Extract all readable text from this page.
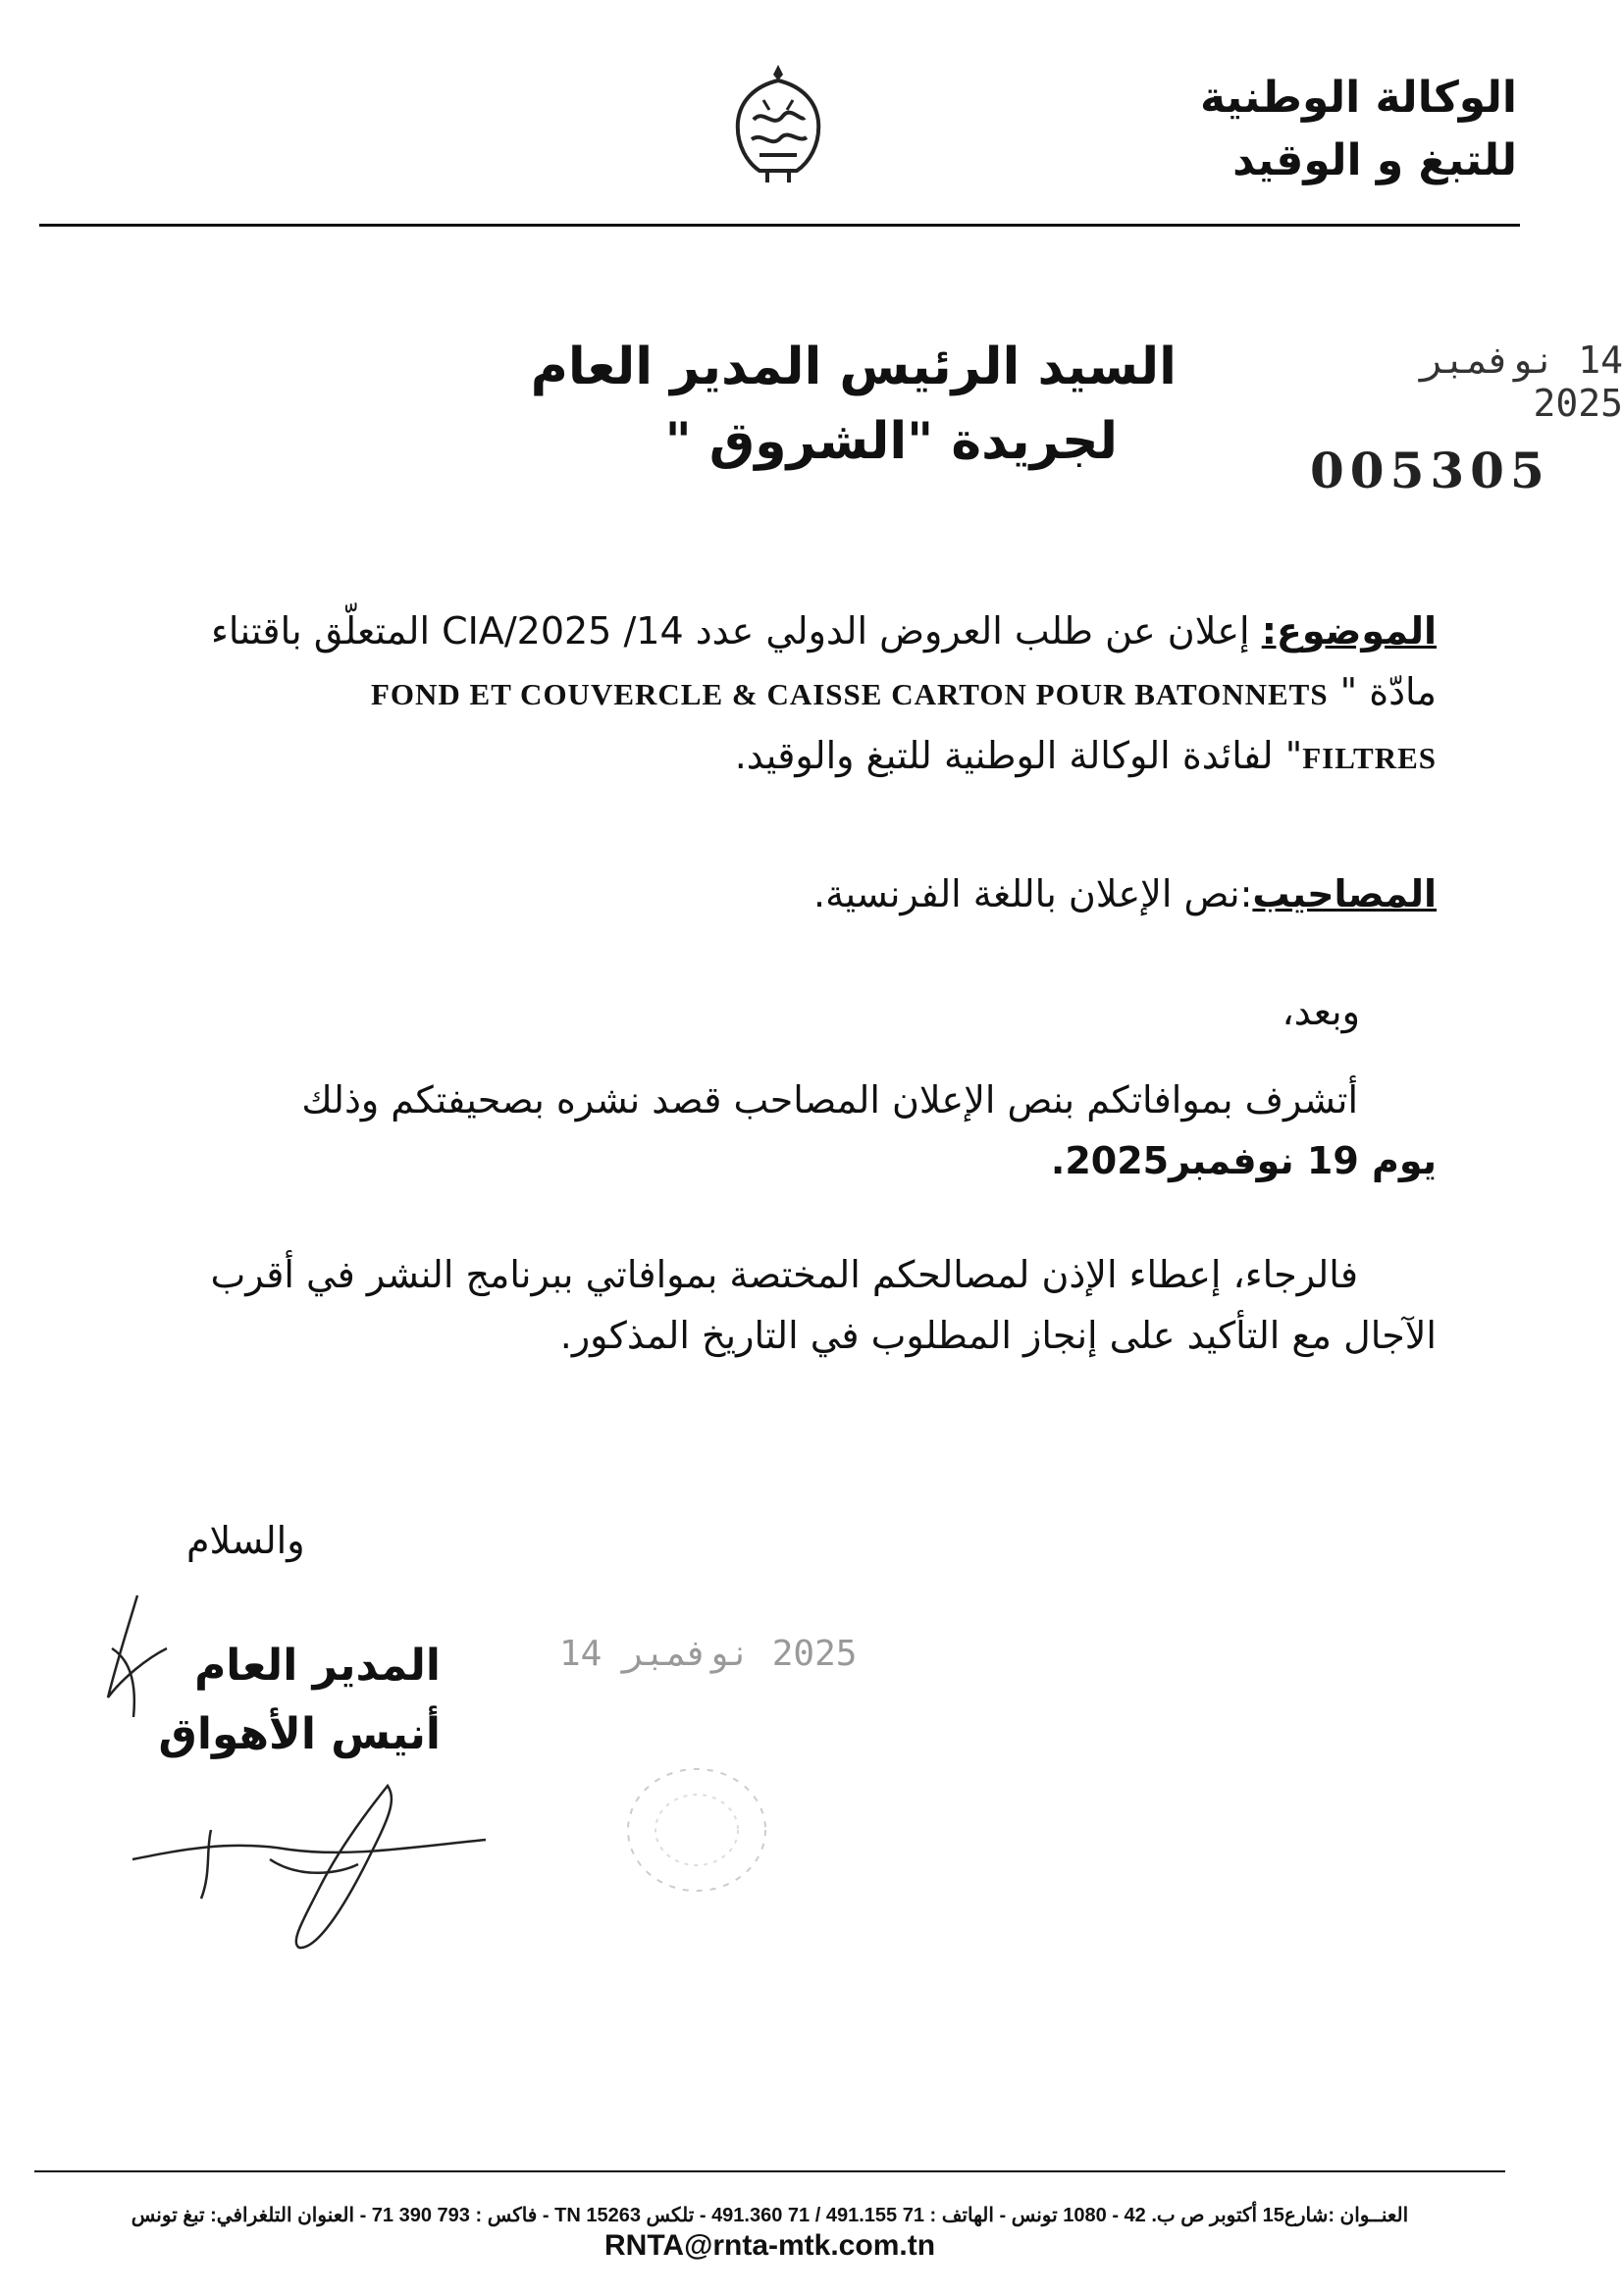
الوكالة الوطنية
للتبغ و الوقيد
14 نوفمبر 2025
005305
السيد الرئيس المدير العام
لجريدة "الشروق "
الموضوع: إعلان عن طلب العروض الدولي عدد 14/ 2025/CIA المتعلّق باقتناء
مادّة " FOND ET COUVERCLE & CAISSE CARTON POUR BATONNETS
FILTRES" لفائدة الوكالة الوطنية للتبغ والوقيد.
المصاحيب:نص الإعلان باللغة الفرنسية.
وبعد،
أتشرف بموافاتكم بنص الإعلان المصاحب قصد نشره بصحيفتكم وذلك
يوم 19 نوفمبر2025.
فالرجاء، إعطاء الإذن لمصالحكم المختصة بموافاتي ببرنامج النشر في أقرب
الآجال مع التأكيد على إنجاز المطلوب في التاريخ المذكور.
والسلام
المدير العام
أنيس الأهواق
2025 نوفمبر 14
العنــوان :شارع15 أكتوبر ص ب. 42 - 1080 تونس - الهاتف : 71 491.155 / 71 491.360 - تلكس TN 15263 - فاكس : 793 390 71 - العنوان التلغرافي: تبغ تونس
RNTA@rnta-mtk.com.tn
